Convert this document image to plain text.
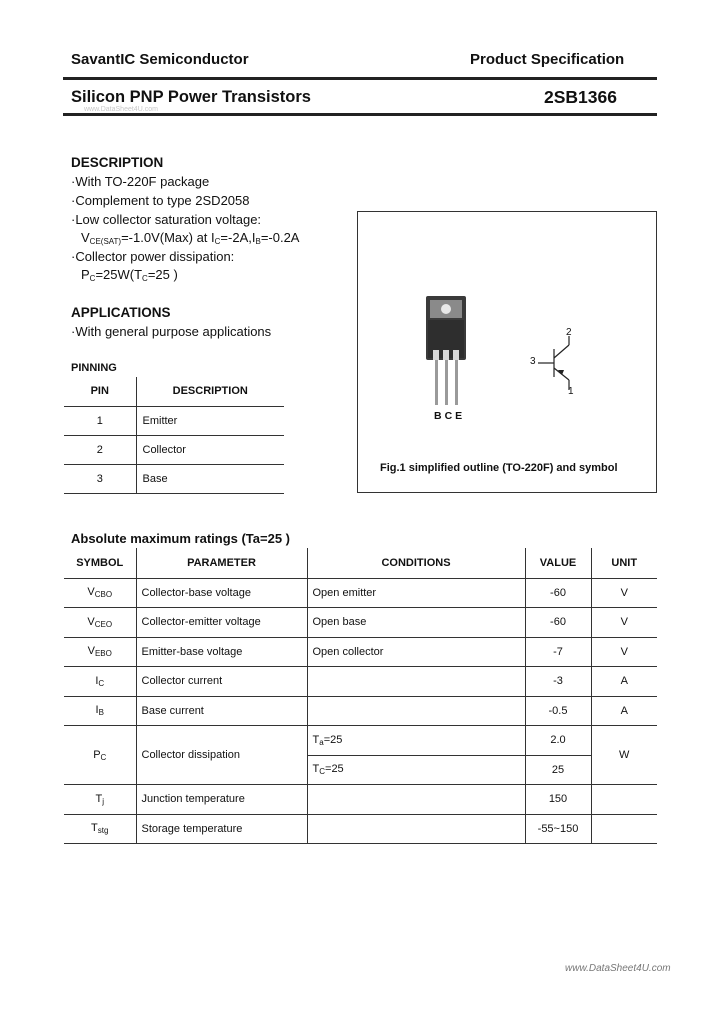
SavantIC Semiconductor	Product Specification
Silicon PNP Power Transistors	2SB1366
www.DataSheet4U.com
DESCRIPTION
·With TO-220F package
·Complement to type 2SD2058
·Low collector saturation voltage:
$V_{CE(SAT)}=-1.0V(Max)$ at $I_C=-2A,I_B=-0.2A$
·Collector power dissipation:
$P_C=25W(T_C=25$ )
APPLICATIONS
·With general purpose applications
PINNING
PIN	DESCRIPTION
1	Emitter
2	Collector
3	Base
2
3
1
BCE
Fig.1 simplified outline (TO-220F) and symbol
Absolute maximum ratings (Ta=25 )
SYMBOL	PARAMETER	CONDITIONS	VALUE	UNIT
$V_{CBO}$	Collector-base voltage	Open emitter	-60	V
$V_{CEO}$	Collector-emitter voltage	Open base	-60	V
$V_{EBO}$	Emitter-base voltage	Open collector	-7	V
$I_C$	Collector current		-3	A
$I_B$	Base current		-0.5	A
$P_C$	Collector dissipation	$T_a=25$	2.0	W
		$T_C=25$	25	
$T_j$	Junction temperature		150	
$T_{stg}$	Storage temperature		-55~150	
www.DataSheet4U.com
